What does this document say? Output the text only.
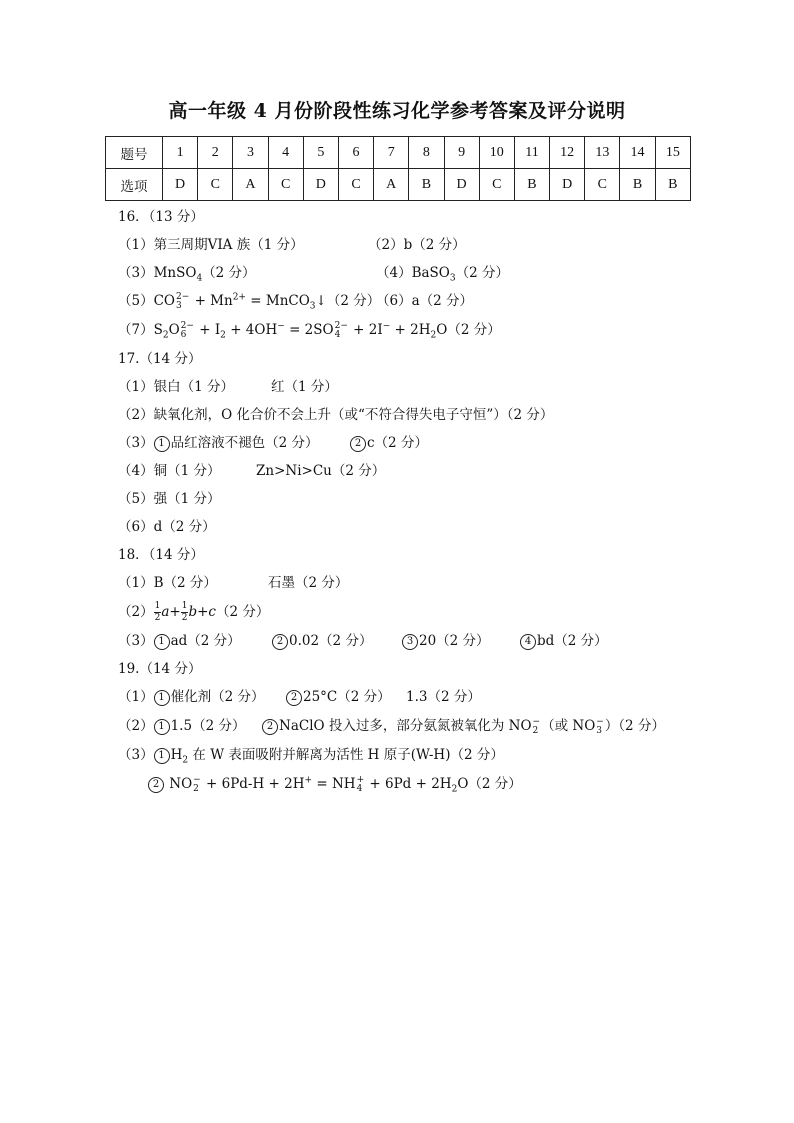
高一年级 4 月份阶段性练习化学参考答案及评分说明
题号	1	2	3	4	5	6	7	8	9	10	11	12	13	14	15
选项	D	C	A	C	D	C	A	B	D	C	B	D	C	B	B
16．（13 分）
（1）第三周期VIA 族（1 分）	（2）b（2 分）
（3）MnSO$_4$（2 分）	（4）BaSO$_3$（2 分）
（5）CO 2−
$3 + Mn^{2+}$ = MnCO$_3$↓（2 分）
（6）a（2 分）
$(7)S_2O$ 2−
$6 + I_2 + 4OH^- = 2SO$ 2−
$4 + 2I^- + 2H_2O(2$ 分）
17.（14 分）
（1）银白（1 分）	红（1 分）
（2）缺氧化剂，O 化合价不会上升（或“不符合得失电子守恒”）（2 分）
（3） 1 品红溶液不褪色（2 分）	2 c（2 分）
（4）铜（1 分）	Zn>Ni>Cu（2 分）
（5）强（1 分）
（6）d（2 分）
18．（14 分）
（1）B（2 分）	石墨（2 分）
$(2) \frac{1}{2} a+ \frac{1}{2} b+c(2$ 分）
（3） 1 ad（2 分）	2 0.02（2 分）	3 20（2 分）	4 bd（2 分）
19.（14 分）
（1） 1 催化剂（2 分）	2 25°C（2 分） 1.3（2 分）
（2） 1 1.5（2 分）	2 NaClO 投入过多，部分氨氮被氧化为 NO −
2 （或 NO −
3 ）（2 分）
（3） 1 $H_2$ 在 W 表面吸附并解离为活性 H 原子(W-H)（2 分）
2 NO −
2 + 6Pd-H + 2H+ = NH +
$4 + 6Pd + 2H_2O(2$ 分）
